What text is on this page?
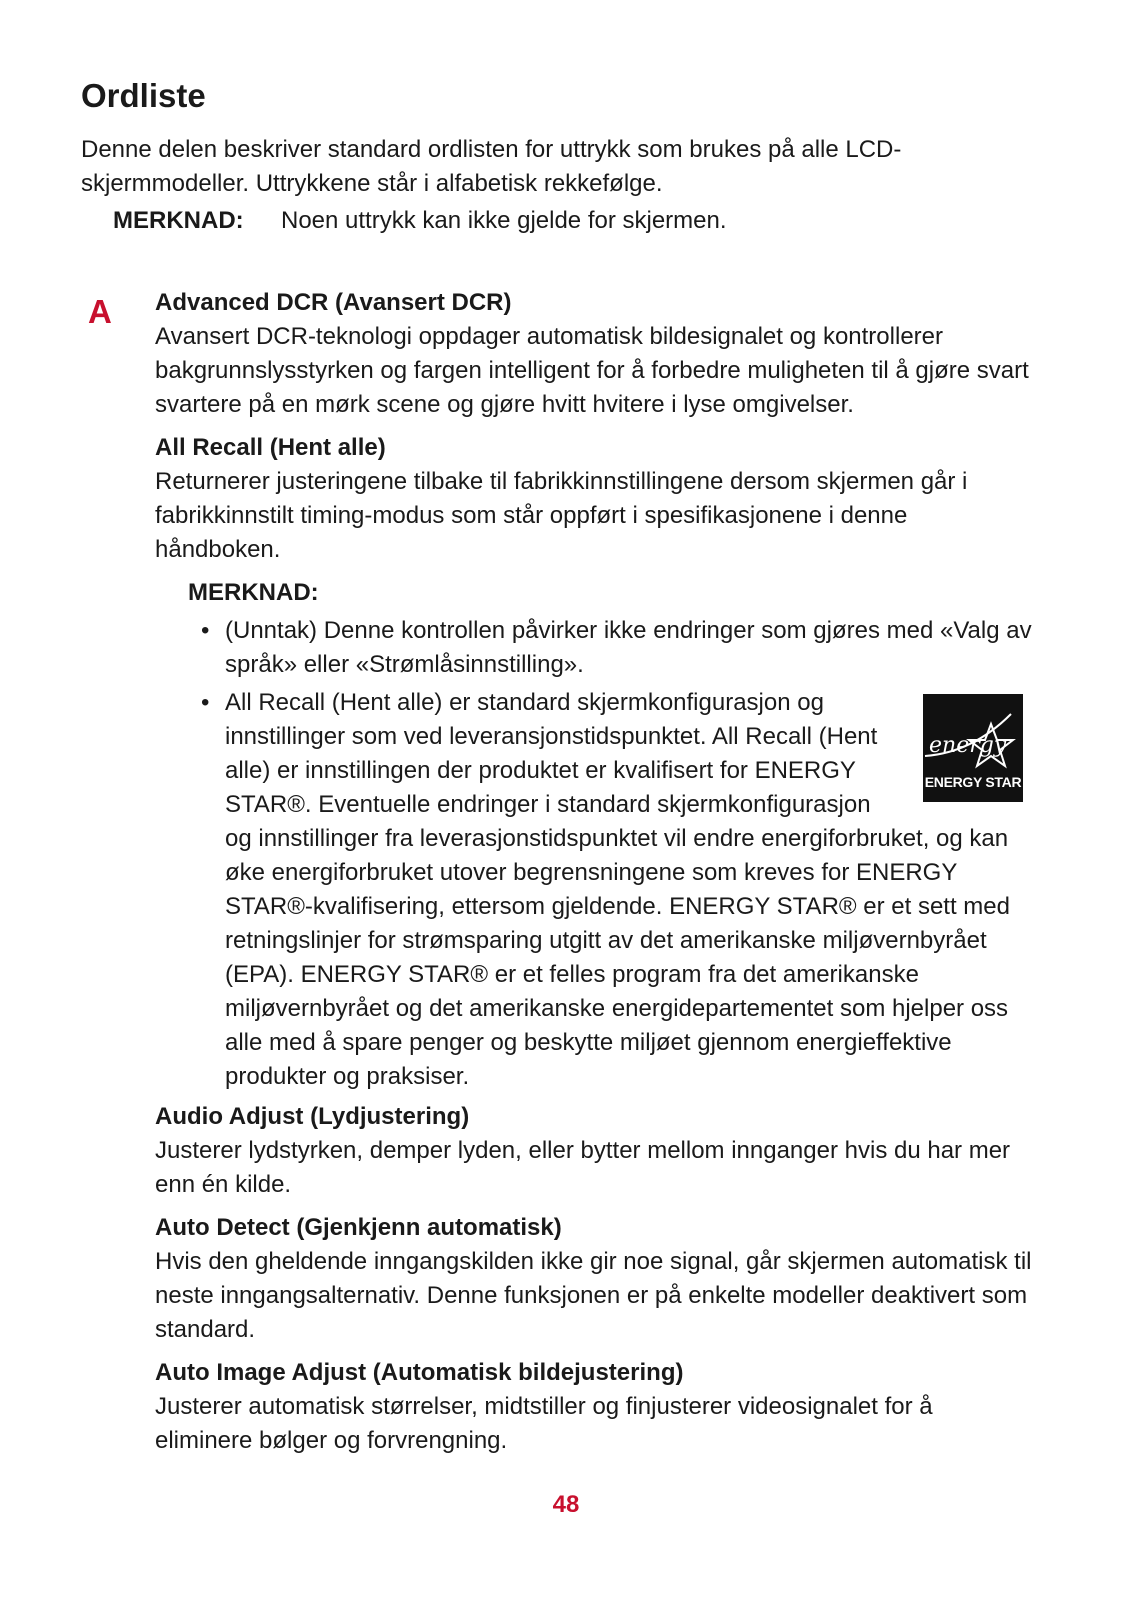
Ordliste

Denne delen beskriver standard ordlisten for uttrykk som brukes på alle LCD-skjermmodeller. Uttrykkene står i alfabetisk rekkefølge.

MERKNAD: Noen uttrykk kan ikke gjelde for skjermen.
A Advanced DCR (Avansert DCR)

Avansert DCR-teknologi oppdager automatisk bildesignalet og kontrollerer bakgrunnslysstyrken og fargen intelligent for å forbedre muligheten til å gjøre svart svartere på en mørk scene og gjøre hvitt hvitere i lyse omgivelser.

All Recall (Hent alle)

Returnerer justeringene tilbake til fabrikkinnstillingene dersom skjermen går i fabrikkinnstilt timing-modus som står oppført i spesifikasjonene i denne håndboken.

MERKNAD:

• (Unntak) Denne kontrollen påvirker ikke endringer som gjøres med «Valg av språk» eller «Strømlåsinnstilling».
•
energy
ENERGY STAR
All Recall (Hent alle) er standard skjermkonfigurasjon og innstillinger som ved leveransjonstidspunktet. All Recall (Hent alle) er innstillingen der produktet er kvalifisert for ENERGY STAR®. Eventuelle endringer i standard skjermkonfigurasjon og innstillinger fra leverasjonstidspunktet vil endre energiforbruket, og kan øke energiforbruket utover begrensningene som kreves for ENERGY STAR®-kvalifisering, ettersom gjeldende. ENERGY STAR® er et sett med retningslinjer for strømsparing utgitt av det amerikanske miljøvernbyrået (EPA). ENERGY STAR® er et felles program fra det amerikanske miljøvernbyrået og det amerikanske energidepartementet som hjelper oss alle med å spare penger og beskytte miljøet gjennom energieffektive produkter og praksiser.

Audio Adjust (Lydjustering)

Justerer lydstyrken, demper lyden, eller bytter mellom innganger hvis du har mer enn én kilde.

Auto Detect (Gjenkjenn automatisk)

Hvis den gheldende inngangskilden ikke gir noe signal, går skjermen automatisk til neste inngangsalternativ. Denne funksjonen er på enkelte modeller deaktivert som standard.

Auto Image Adjust (Automatisk bildejustering)

Justerer automatisk størrelser, midtstiller og finjusterer videosignalet for å eliminere bølger og forvrengning.

48
